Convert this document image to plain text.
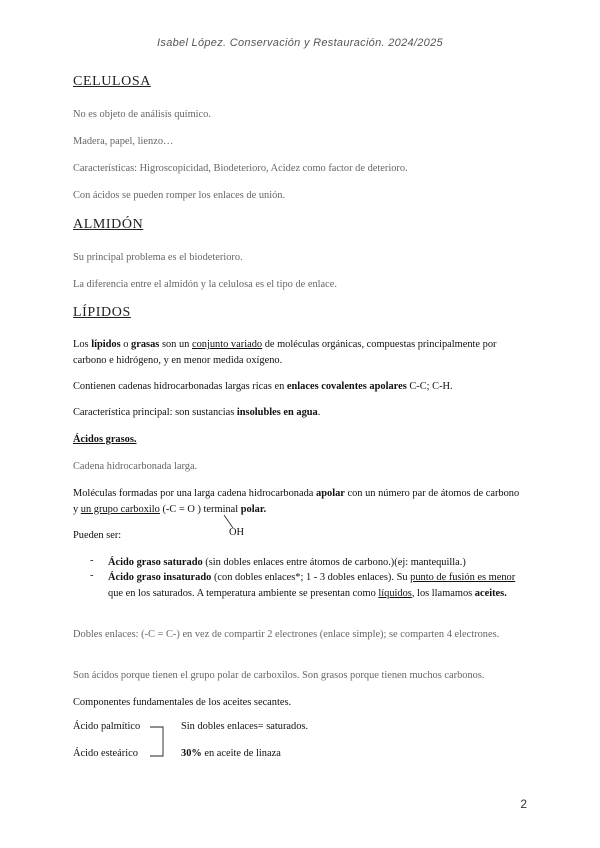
Isabel López. Conservación y Restauración. 2024/2025
CELULOSA
No es objeto de análisis químico.
Madera, papel, lienzo…
Características: Higroscopicidad, Biodeterioro, Acidez como factor de deterioro.
Con ácidos se pueden romper los enlaces de unión.
ALMIDÓN
Su principal problema es el biodeterioro.
La diferencia entre el almidón y la celulosa es el tipo de enlace.
LÍPIDOS
Los lípidos o grasas son un conjunto variado de moléculas orgánicas, compuestas principalmente por carbono e hidrógeno, y en menor medida oxígeno.
Contienen cadenas hidrocarbonadas largas ricas en enlaces covalentes apolares C-C; C-H.
Característica principal: son sustancias insolubles en agua.
Ácidos grasos.
Cadena hidrocarbonada larga.
Moléculas formadas por una larga cadena hidrocarbonada apolar con un número par de átomos de carbono y un grupo carboxilo (-C = O ) terminal polar.
OH
Pueden ser:
- Ácido graso saturado (sin dobles enlaces entre átomos de carbono.)(ej: mantequilla.)
- Ácido graso insaturado (con dobles enlaces*; 1 - 3 dobles enlaces). Su punto de fusión es menor que en los saturados. A temperatura ambiente se presentan como líquidos, los llamamos aceites.
Dobles enlaces: (-C = C-) en vez de compartir 2 electrones (enlace simple); se comparten 4 electrones.
Son ácidos porque tienen el grupo polar de carboxilos. Son grasos porque tienen muchos carbonos.
Componentes fundamentales de los aceites secantes.
Ácido palmítico
Ácido esteárico
Sin dobles enlaces= saturados.
30% en aceite de linaza
2
